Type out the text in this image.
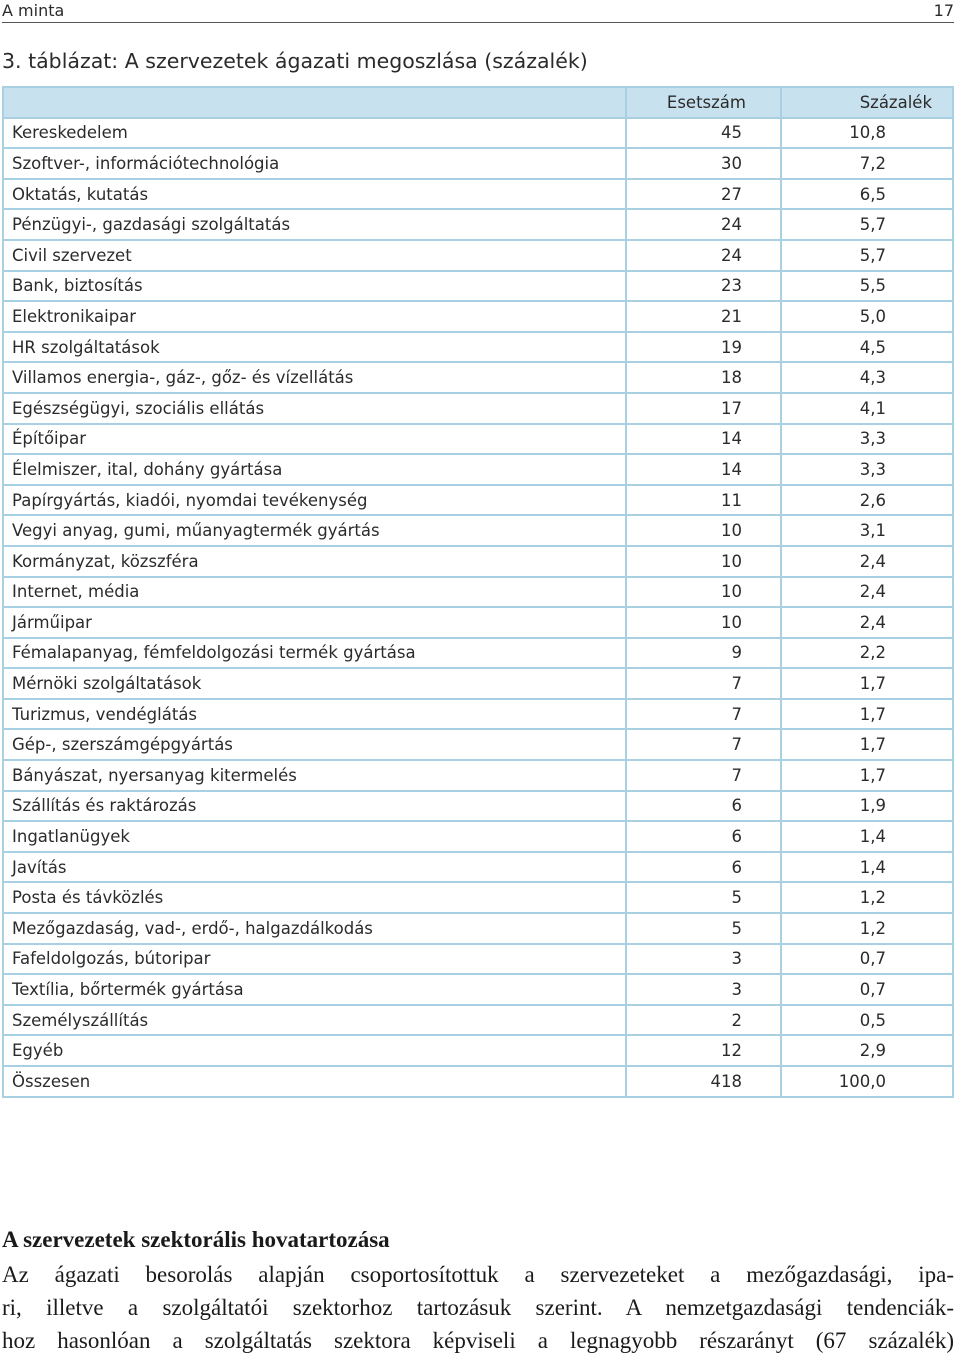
A minta	17
3. táblázat: A szervezetek ágazati megoszlása (százalék)
	Esetszám	Százalék
Kereskedelem	45	10,8
Szoftver-, információtechnológia	30	7,2
Oktatás, kutatás	27	6,5
Pénzügyi-, gazdasági szolgáltatás	24	5,7
Civil szervezet	24	5,7
Bank, biztosítás	23	5,5
Elektronikaipar	21	5,0
HR szolgáltatások	19	4,5
Villamos energia-, gáz-, gőz- és vízellátás	18	4,3
Egészségügyi, szociális ellátás	17	4,1
Építőipar	14	3,3
Élelmiszer, ital, dohány gyártása	14	3,3
Papírgyártás, kiadói, nyomdai tevékenység	11	2,6
Vegyi anyag, gumi, műanyagtermék gyártás	10	3,1
Kormányzat, közszféra	10	2,4
Internet, média	10	2,4
Járműipar	10	2,4
Fémalapanyag, fémfeldolgozási termék gyártása	9	2,2
Mérnöki szolgáltatások	7	1,7
Turizmus, vendéglátás	7	1,7
Gép-, szerszámgépgyártás	7	1,7
Bányászat, nyersanyag kitermelés	7	1,7
Szállítás és raktározás	6	1,9
Ingatlanügyek	6	1,4
Javítás	6	1,4
Posta és távközlés	5	1,2
Mezőgazdaság, vad-, erdő-, halgazdálkodás	5	1,2
Fafeldolgozás, bútoripar	3	0,7
Textília, bőrtermék gyártása	3	0,7
Személyszállítás	2	0,5
Egyéb	12	2,9
Összesen	418	100,0
A szervezetek szektorális hovatartozása
Az ágazati besorolás alapján csoportosítottuk a szervezeteket a mezőgazdasági, ipa-
ri, illetve a szolgáltatói szektorhoz tartozásuk szerint. A nemzetgazdasági tendenciák-
hoz hasonlóan a szolgáltatás szektora képviseli a legnagyobb részarányt (67 százalék)
